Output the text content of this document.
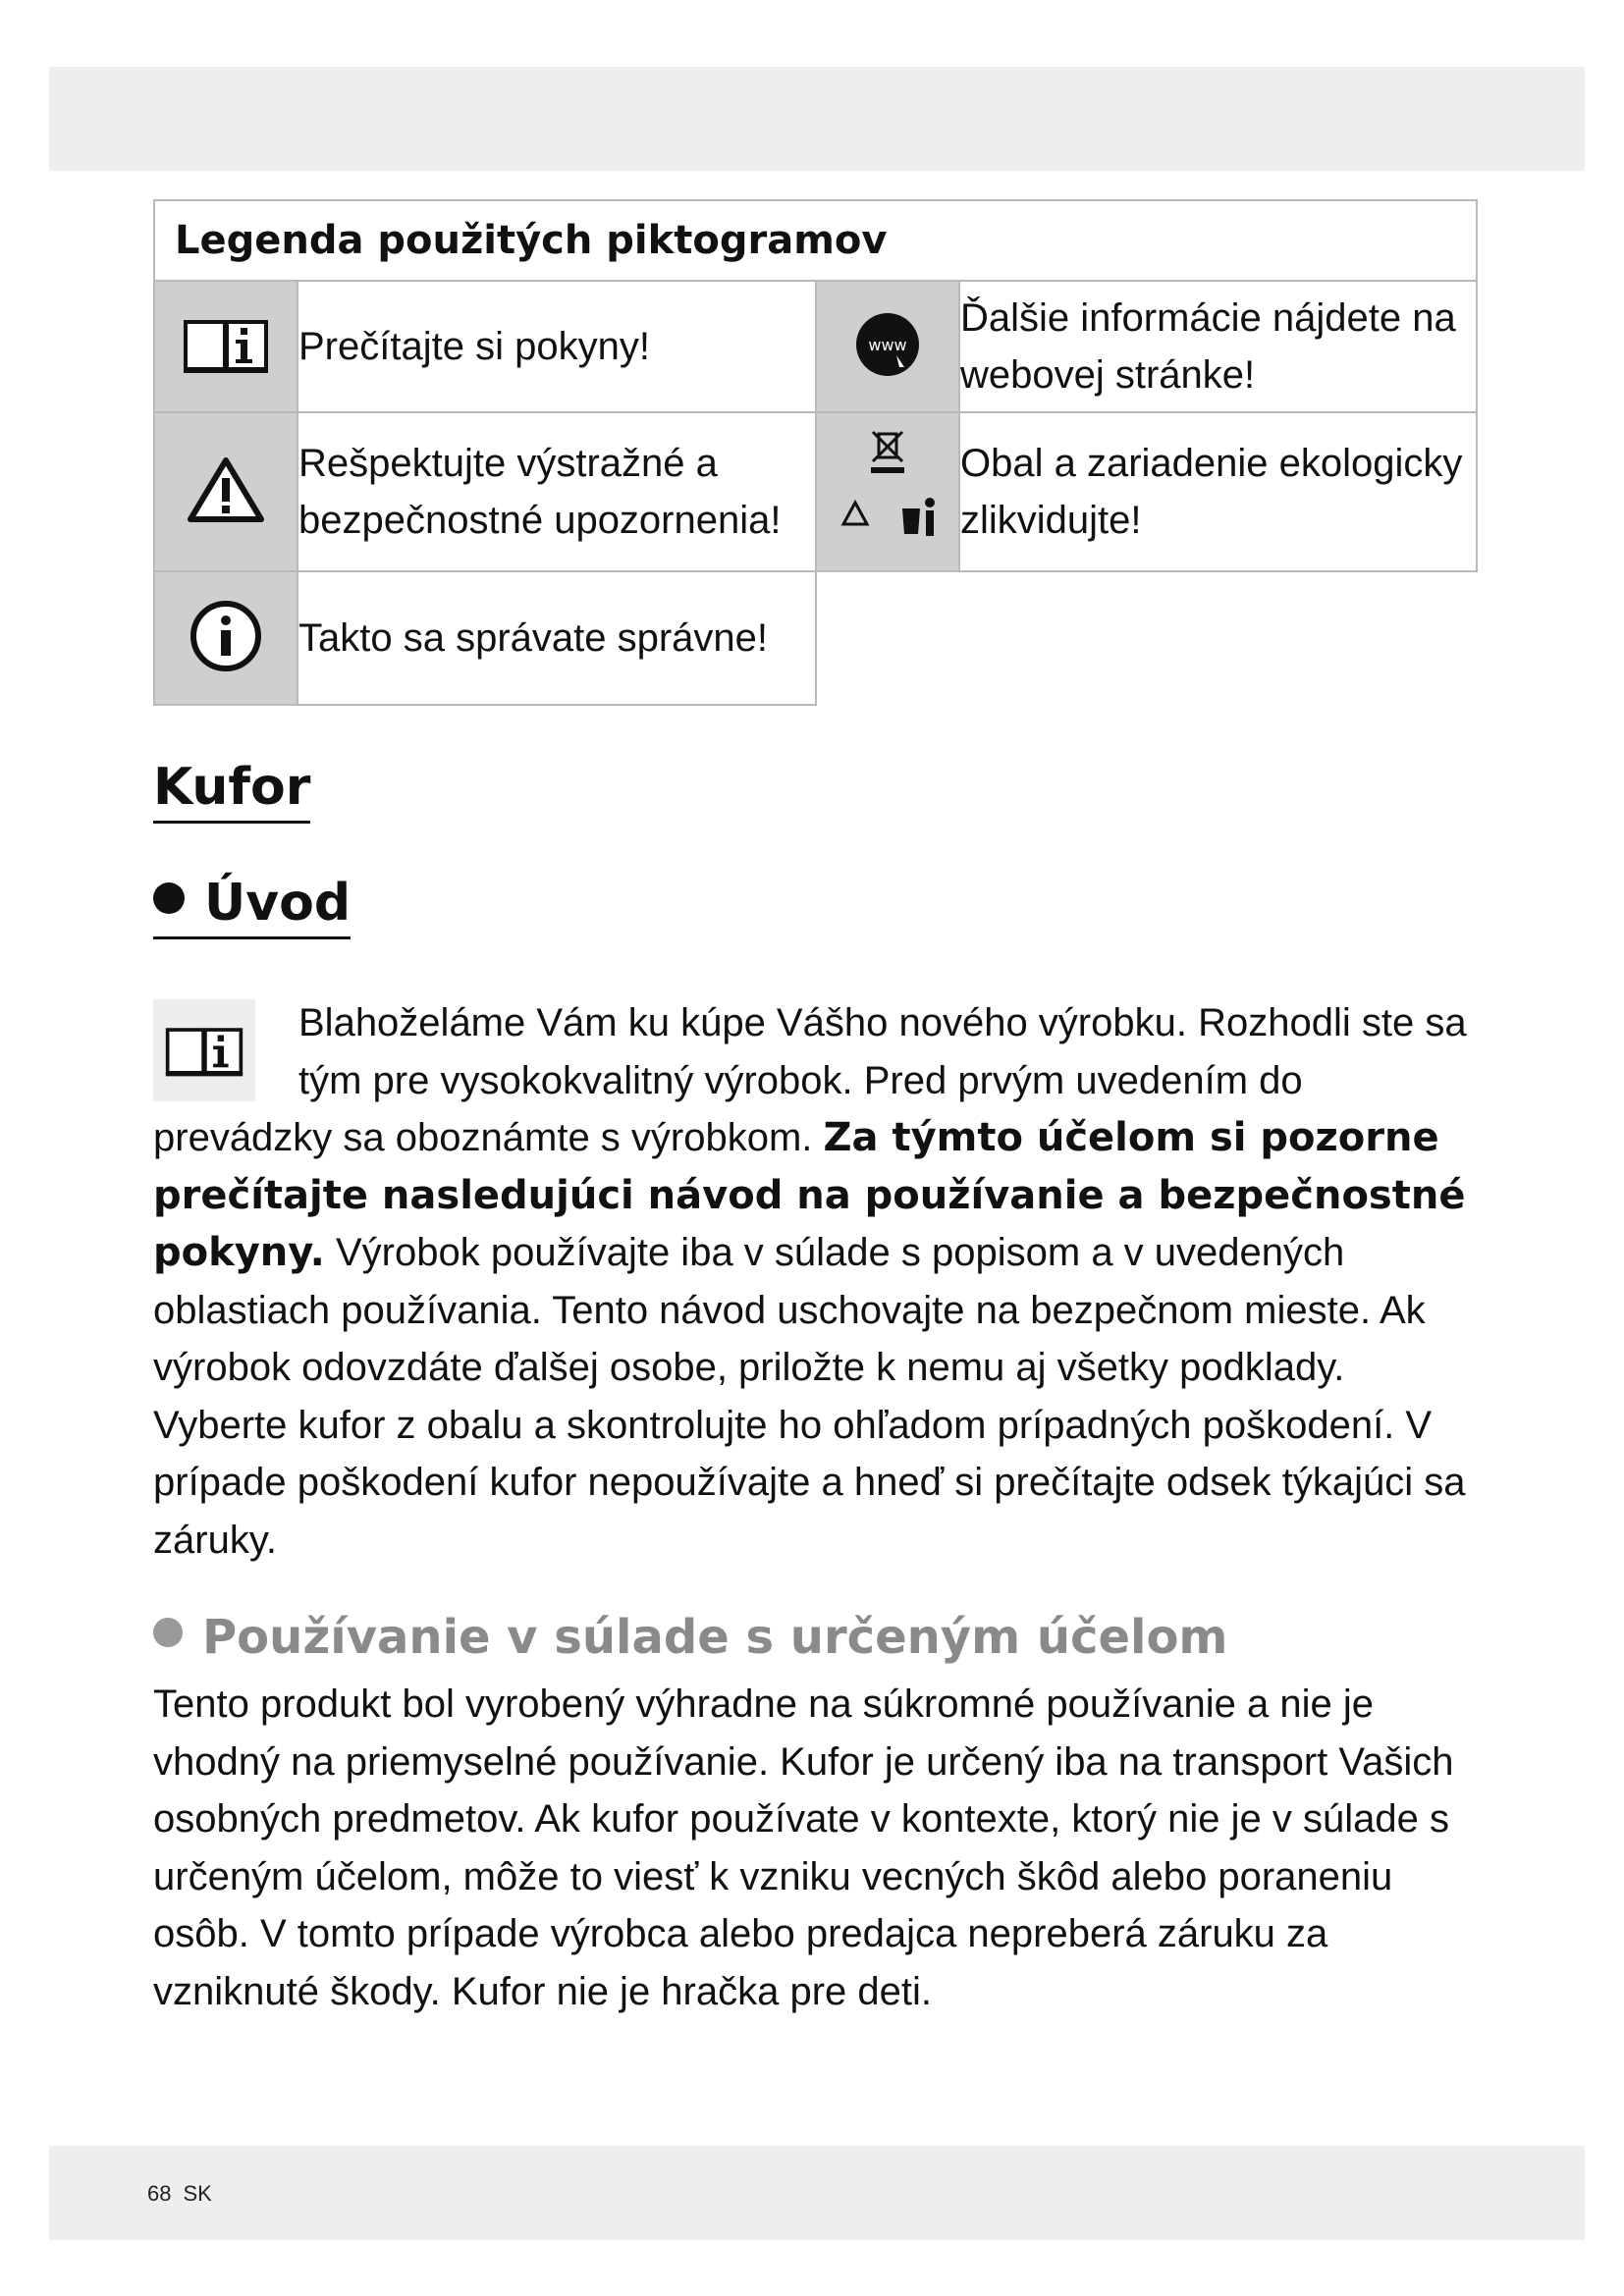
Legenda použitých piktogramov			
	Prečítajte si pokyny!	www	Ďalšie informácie nájdete na webovej stránke!
	Rešpektujte výstražné a bezpečnostné upozornenia!		Obal a zariadenie ekologicky zlikvidujte!
	Takto sa správate správne!		
Kufor
Úvod

Blahoželáme Vám ku kúpe Vášho nového výrobku. Rozhodli ste sa tým pre vysokokvalitný výrobok. Pred prvým uvedením do prevádzky sa oboznámte s výrobkom. Za týmto účelom si pozorne prečítajte nasledujúci návod na používanie a bezpečnostné pokyny. Výrobok používajte iba v súlade s popisom a v uvedených oblastiach používania. Tento návod uschovajte na bezpečnom mieste. Ak výrobok odovzdáte ďalšej osobe, priložte k nemu aj všetky podklady. Vyberte kufor z obalu a skontrolujte ho ohľadom prípadných poškodení. V prípade poškodení kufor nepoužívajte a hneď si prečítajte odsek týkajúci sa záruky.

Používanie v súlade s určeným účelom

Tento produkt bol vyrobený výhradne na súkromné používanie a nie je vhodný na priemyselné používanie. Kufor je určený iba na transport Vašich osobných predmetov. Ak kufor používate v kontexte, ktorý nie je v súlade s určeným účelom, môže to viesť k vzniku vecných škôd alebo poraneniu osôb. V tomto prípade výrobca alebo predajca nepreberá záruku za vzniknuté škody. Kufor nie je hračka pre deti.

68 SK
